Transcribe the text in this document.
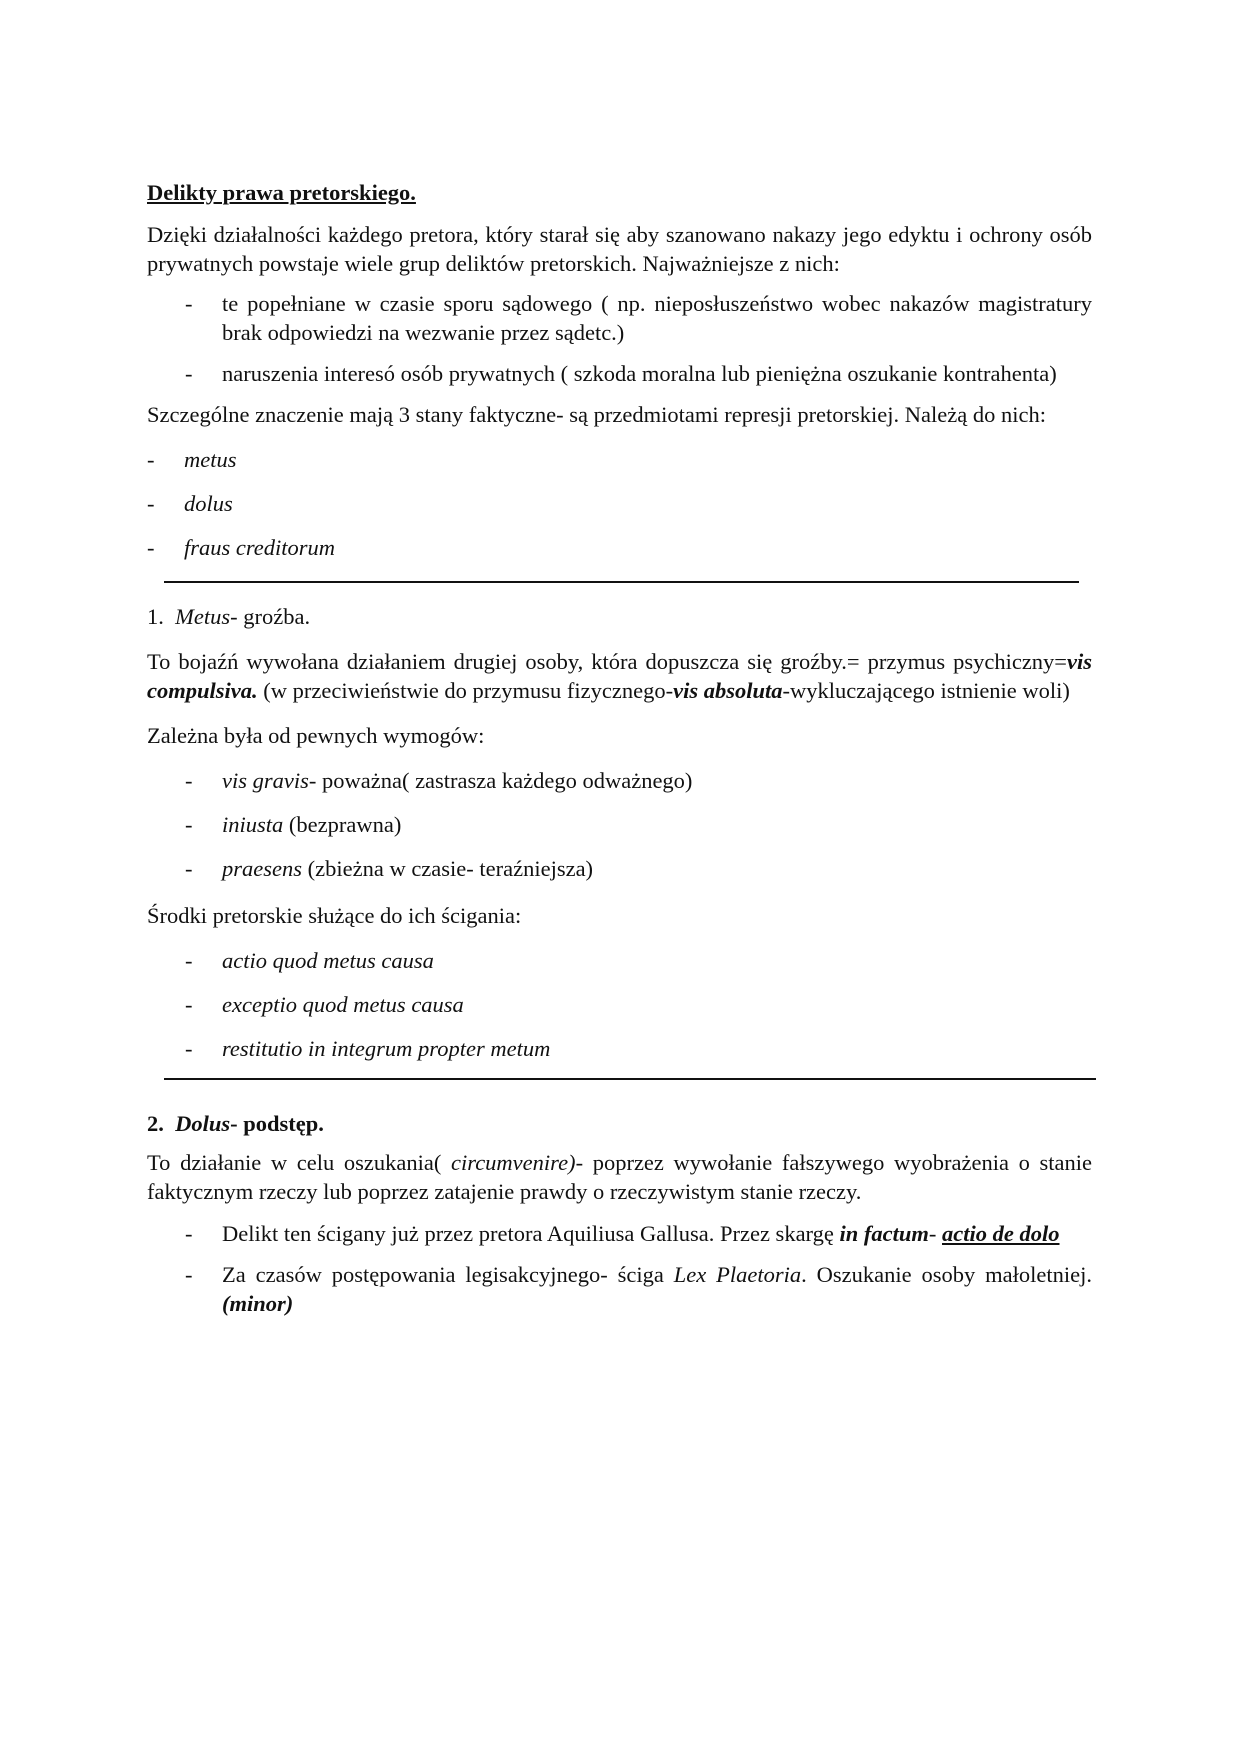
Delikty prawa pretorskiego.

Dzięki działalności każdego pretora, który starał się aby szanowano nakazy jego edyktu i ochrony osób prywatnych powstaje wiele grup deliktów pretorskich. Najważniejsze z nich:

- te popełniane w czasie sporu sądowego ( np. nieposłuszeństwo wobec nakazów magistratury brak odpowiedzi na wezwanie przez sądetc.)
- naruszenia interesó osób prywatnych ( szkoda moralna lub pieniężna oszukanie kontrahenta)

Szczególne znaczenie mają 3 stany faktyczne- są przedmiotami represji pretorskiej. Należą do nich:

- metus
- dolus
- fraus creditorum

1. Metus- groźba.

To bojaźń wywołana działaniem drugiej osoby, która dopuszcza się groźby.= przymus psychiczny=vis compulsiva. (w przeciwieństwie do przymusu fizycznego-vis absoluta-wykluczającego istnienie woli)

Zależna była od pewnych wymogów:

- vis gravis- poważna( zastrasza każdego odważnego)
- iniusta (bezprawna)
- praesens (zbieżna w czasie- teraźniejsza)

Środki pretorskie służące do ich ścigania:

- actio quod metus causa
- exceptio quod metus causa
- restitutio in integrum propter metum

2. Dolus- podstęp.

To działanie w celu oszukania( circumvenire)- poprzez wywołanie fałszywego wyobrażenia o stanie faktycznym rzeczy lub poprzez zatajenie prawdy o rzeczywistym stanie rzeczy.

- Delikt ten ścigany już przez pretora Aquiliusa Gallusa. Przez skargę in factum- actio de dolo
- Za czasów postępowania legisakcyjnego- ściga Lex Plaetoria. Oszukanie osoby małoletniej. (minor)
